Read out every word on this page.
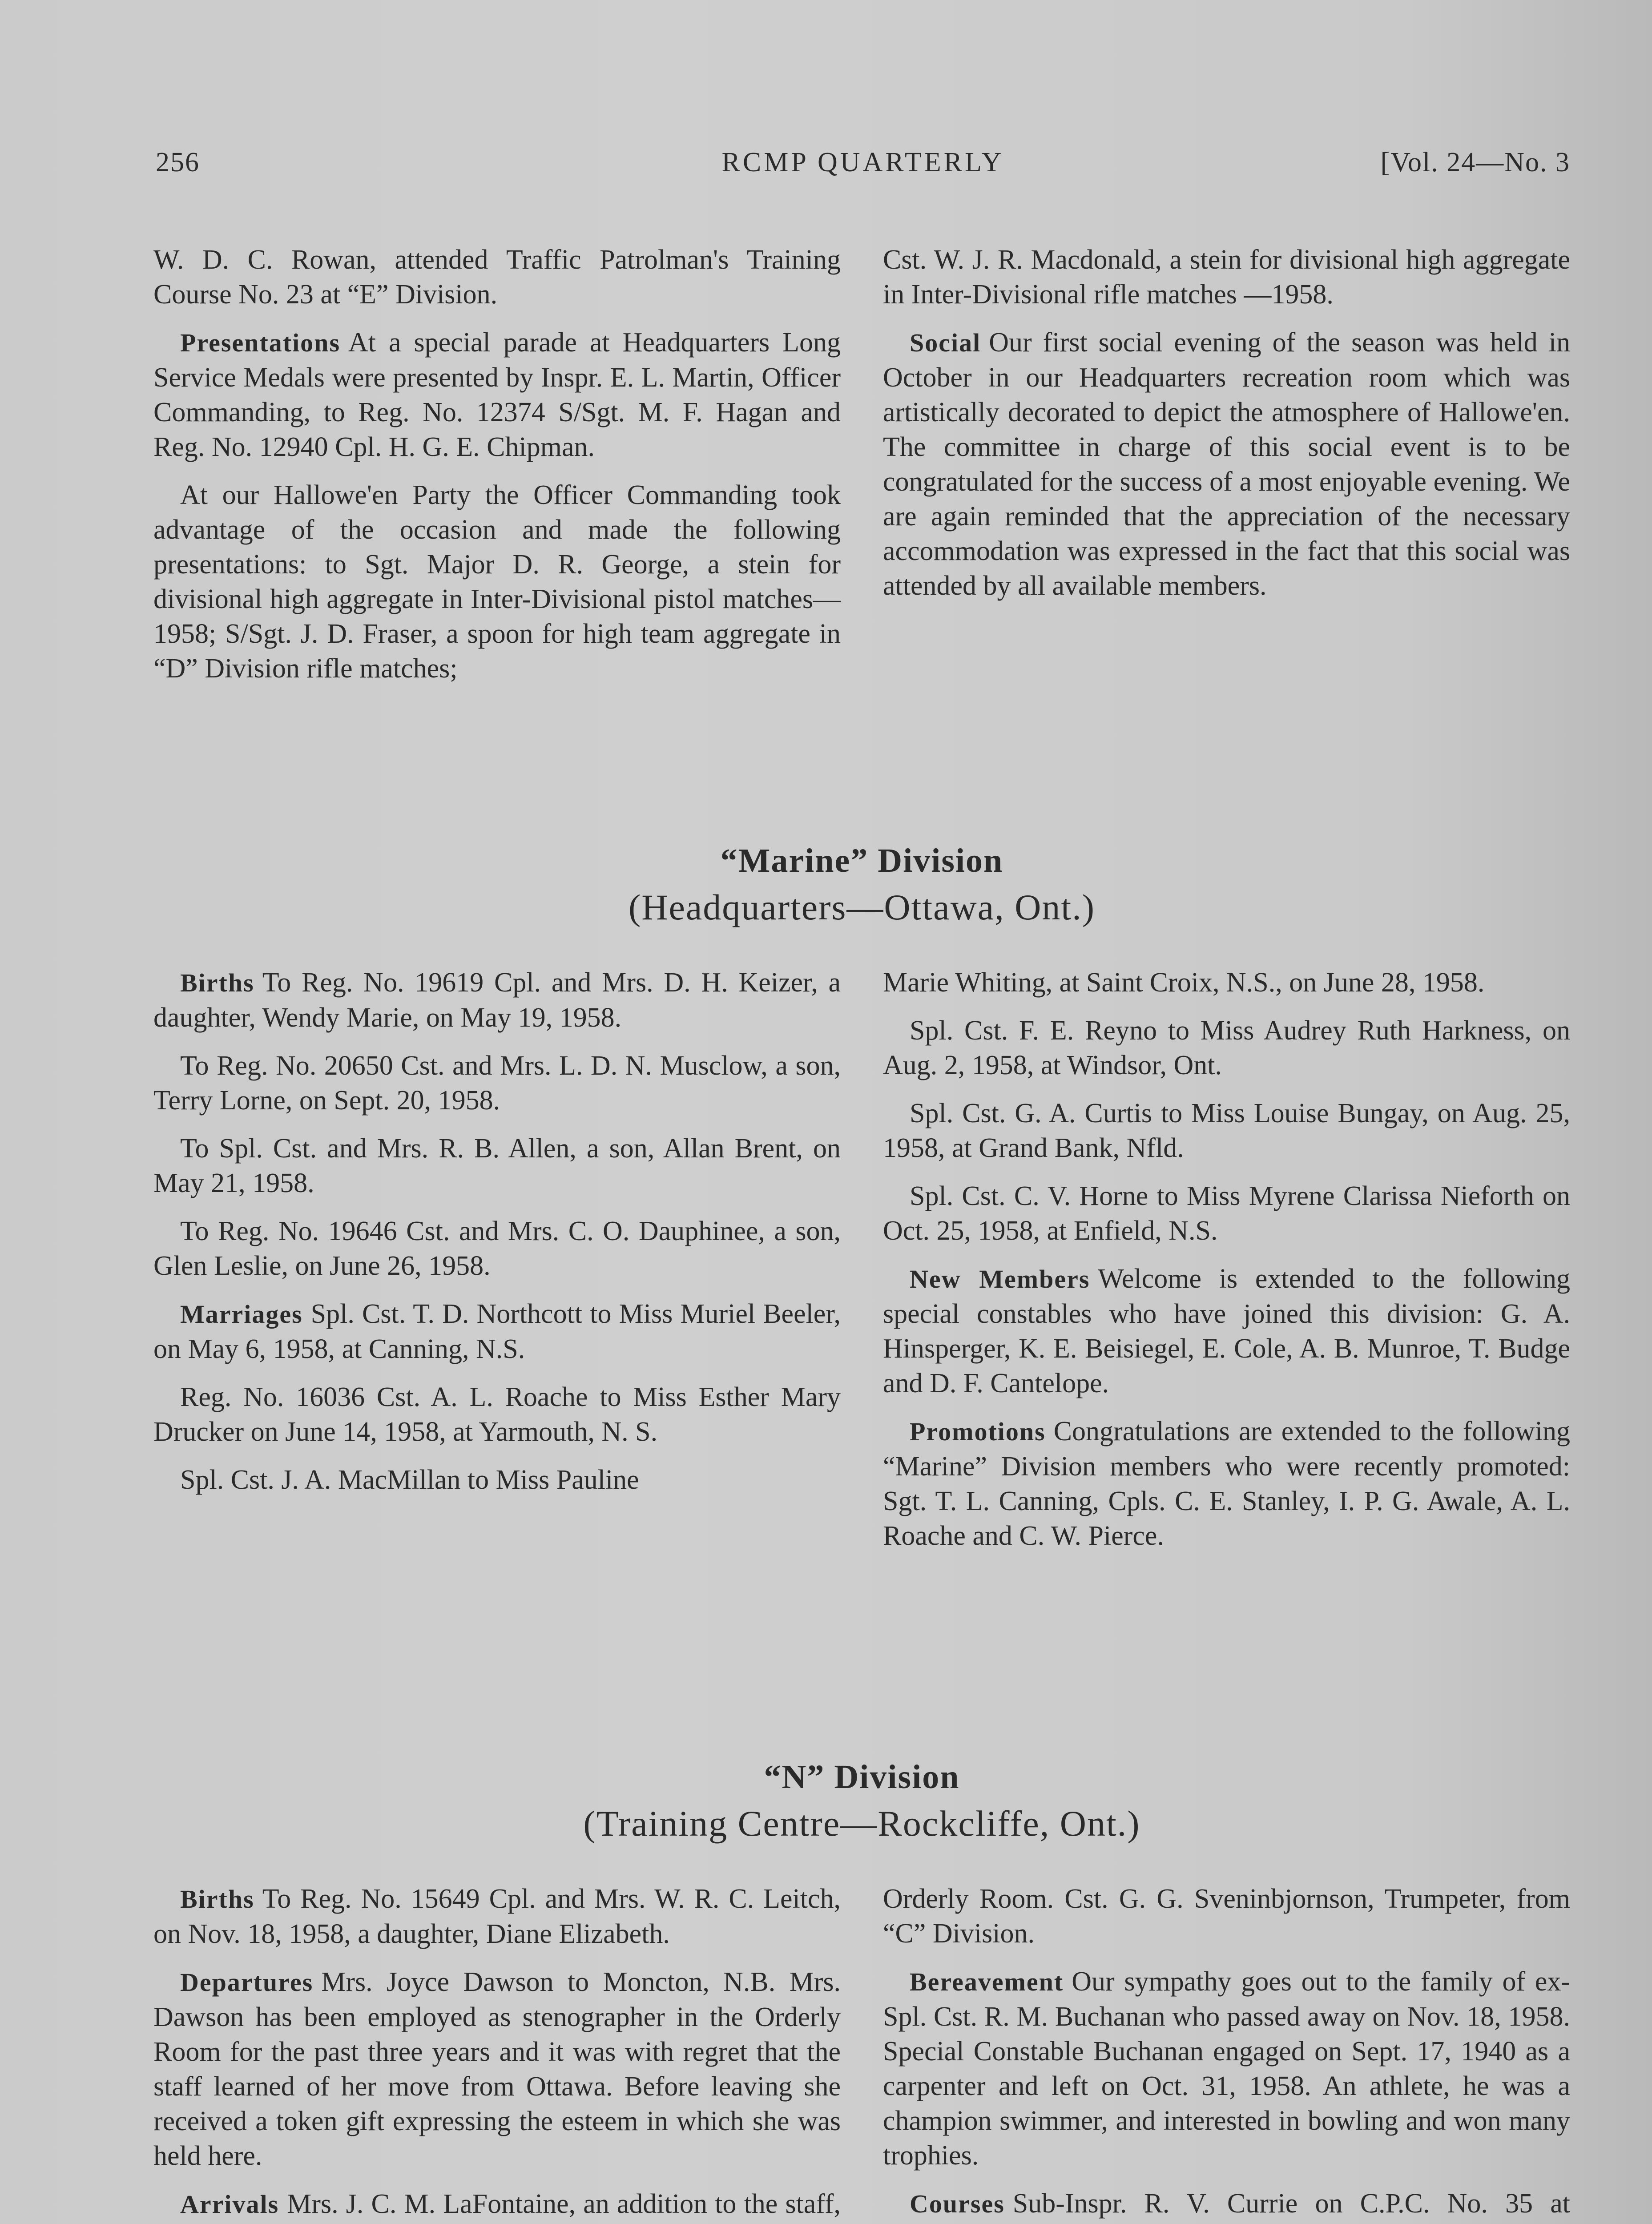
256	RCMP QUARTERLY	[Vol. 24—No. 3

W. D. C. Rowan, attended Traffic Patrolman's Training Course No. 23 at “E” Division.

Presentations At a special parade at Headquarters Long Service Medals were presented by Inspr. E. L. Martin, Officer Commanding, to Reg. No. 12374 S/Sgt. M. F. Hagan and Reg. No. 12940 Cpl. H. G. E. Chipman.

At our Hallowe'en Party the Officer Commanding took advantage of the occasion and made the following presentations: to Sgt. Major D. R. George, a stein for divisional high aggregate in Inter-Divisional pistol matches—1958; S/Sgt. J. D. Fraser, a spoon for high team aggregate in “D” Division rifle matches;

Cst. W. J. R. Macdonald, a stein for divisional high aggregate in Inter-Divisional rifle matches —1958.

Social Our first social evening of the season was held in October in our Headquarters recreation room which was artistically decorated to depict the atmosphere of Hallowe'en. The committee in charge of this social event is to be congratulated for the success of a most enjoyable evening. We are again reminded that the appreciation of the necessary accommodation was expressed in the fact that this social was attended by all available members.

“Marine” Division
(Headquarters—Ottawa, Ont.)

Births To Reg. No. 19619 Cpl. and Mrs. D. H. Keizer, a daughter, Wendy Marie, on May 19, 1958.

To Reg. No. 20650 Cst. and Mrs. L. D. N. Musclow, a son, Terry Lorne, on Sept. 20, 1958.

To Spl. Cst. and Mrs. R. B. Allen, a son, Allan Brent, on May 21, 1958.

To Reg. No. 19646 Cst. and Mrs. C. O. Dauphinee, a son, Glen Leslie, on June 26, 1958.

Marriages Spl. Cst. T. D. Northcott to Miss Muriel Beeler, on May 6, 1958, at Canning, N.S.

Reg. No. 16036 Cst. A. L. Roache to Miss Esther Mary Drucker on June 14, 1958, at Yarmouth, N. S.

Spl. Cst. J. A. MacMillan to Miss Pauline

Marie Whiting, at Saint Croix, N.S., on June 28, 1958.

Spl. Cst. F. E. Reyno to Miss Audrey Ruth Harkness, on Aug. 2, 1958, at Windsor, Ont.

Spl. Cst. G. A. Curtis to Miss Louise Bungay, on Aug. 25, 1958, at Grand Bank, Nfld.

Spl. Cst. C. V. Horne to Miss Myrene Clarissa Nieforth on Oct. 25, 1958, at Enfield, N.S.

New Members Welcome is extended to the following special constables who have joined this division: G. A. Hinsperger, K. E. Beisiegel, E. Cole, A. B. Munroe, T. Budge and D. F. Cantelope.

Promotions Congratulations are extended to the following “Marine” Division members who were recently promoted: Sgt. T. L. Canning, Cpls. C. E. Stanley, I. P. G. Awale, A. L. Roache and C. W. Pierce.

“N” Division
(Training Centre—Rockcliffe, Ont.)

Births To Reg. No. 15649 Cpl. and Mrs. W. R. C. Leitch, on Nov. 18, 1958, a daughter, Diane Elizabeth.

Departures Mrs. Joyce Dawson to Moncton, N.B. Mrs. Dawson has been employed as stenographer in the Orderly Room for the past three years and it was with regret that the staff learned of her move from Ottawa. Before leaving she received a token gift expressing the esteem in which she was held here.

Arrivals Mrs. J. C. M. LaFontaine, an addition to the staff,

Orderly Room. Cst. G. G. Sveninbjornson, Trumpeter, from “C” Division.

Bereavement Our sympathy goes out to the family of ex-Spl. Cst. R. M. Buchanan who passed away on Nov. 18, 1958. Special Constable Buchanan engaged on Sept. 17, 1940 as a carpenter and left on Oct. 31, 1958. An athlete, he was a champion swimmer, and interested in bowling and won many trophies.

Courses Sub-Inspr. R. V. Currie on C.P.C. No. 35 at
